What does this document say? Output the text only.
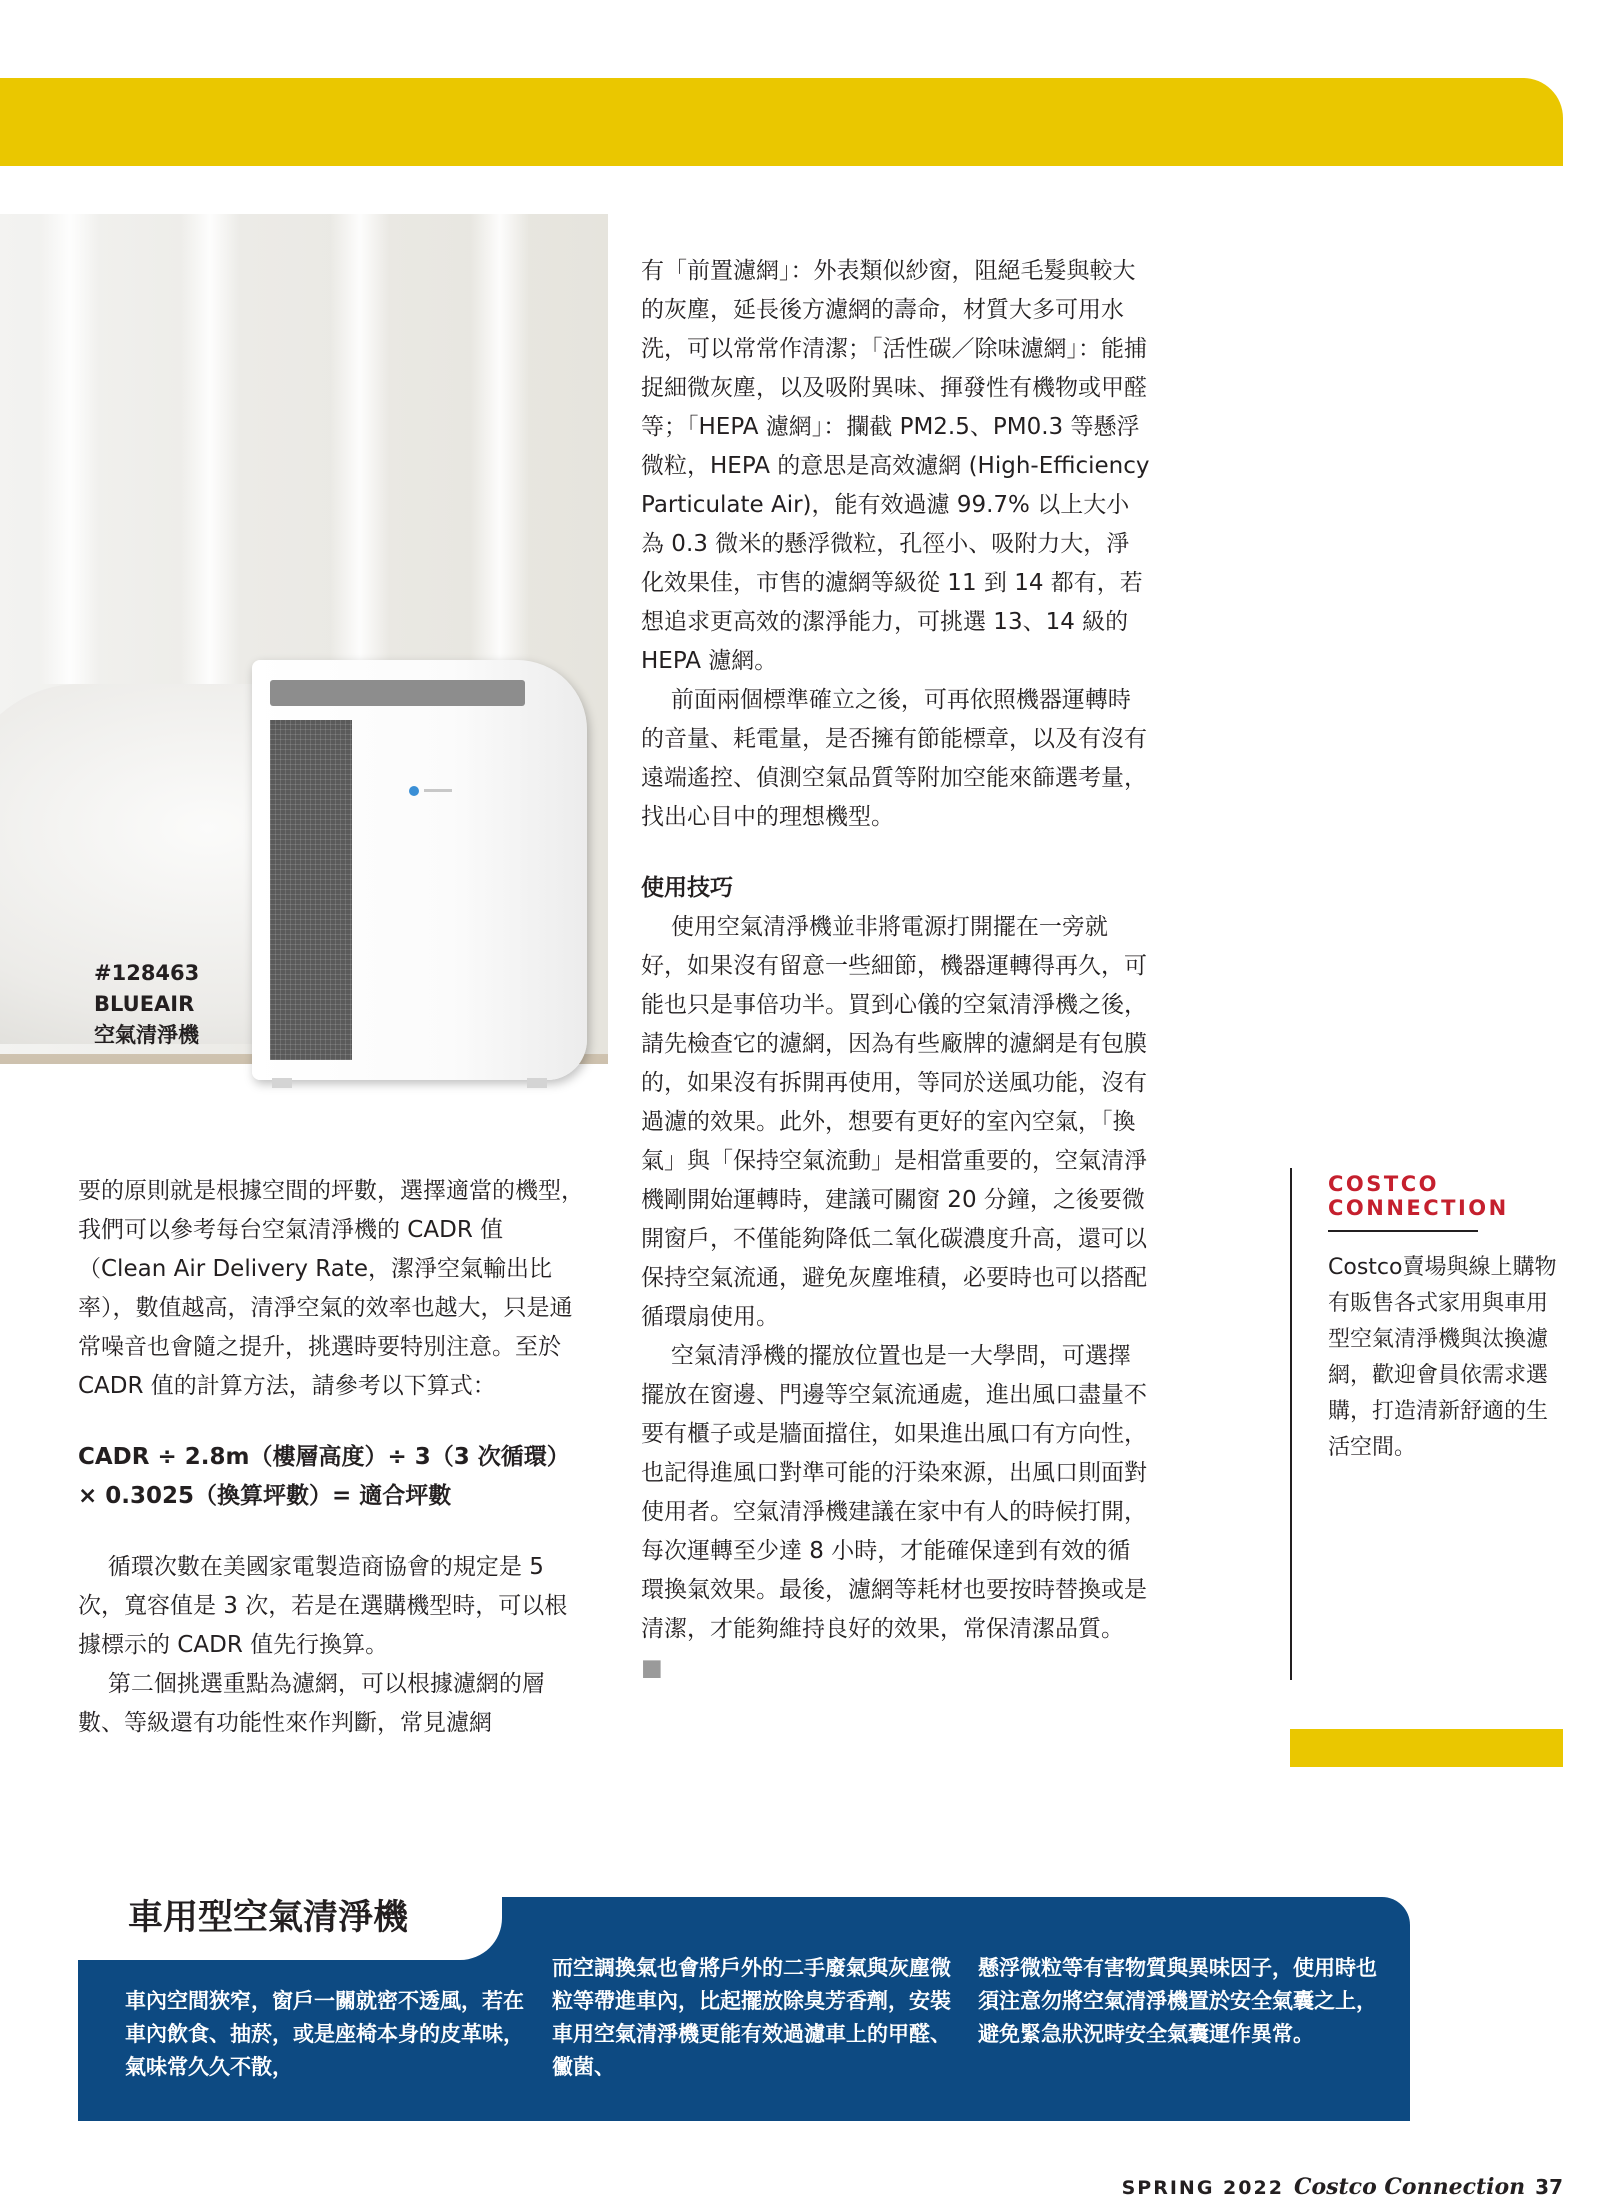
#128463
BLUEAIR
空氣清淨機

要的原則就是根據空間的坪數，選擇適當的機型，我們可以參考每台空氣清淨機的 CADR 值（Clean Air Delivery Rate，潔淨空氣輸出比率），數值越高，清淨空氣的效率也越大，只是通常噪音也會隨之提升，挑選時要特別注意。至於 CADR 值的計算方法，請參考以下算式：

CADR ÷ 2.8m（樓層高度）÷ 3（3 次循環）

× 0.3025（換算坪數）= 適合坪數

循環次數在美國家電製造商協會的規定是 5 次，寬容值是 3 次，若是在選購機型時，可以根據標示的 CADR 值先行換算。

第二個挑選重點為濾網，可以根據濾網的層數、等級還有功能性來作判斷，常見濾網

有「前置濾網」：外表類似紗窗，阻絕毛髮與較大的灰塵，延長後方濾網的壽命，材質大多可用水洗，可以常常作清潔；「活性碳／除味濾網」：能捕捉細微灰塵，以及吸附異味、揮發性有機物或甲醛等；「HEPA 濾網」：攔截 PM2.5、PM0.3 等懸浮微粒，HEPA 的意思是高效濾網 (High-Efficiency Particulate Air)，能有效過濾 99.7% 以上大小為 0.3 微米的懸浮微粒，孔徑小、吸附力大，淨化效果佳，市售的濾網等級從 11 到 14 都有，若想追求更高效的潔淨能力，可挑選 13、14 級的 HEPA 濾網。

前面兩個標準確立之後，可再依照機器運轉時的音量、耗電量，是否擁有節能標章，以及有沒有遠端遙控、偵測空氣品質等附加空能來篩選考量，找出心目中的理想機型。

使用技巧

使用空氣清淨機並非將電源打開擺在一旁就好，如果沒有留意一些細節，機器運轉得再久，可能也只是事倍功半。買到心儀的空氣清淨機之後，請先檢查它的濾網，因為有些廠牌的濾網是有包膜的，如果沒有拆開再使用，等同於送風功能，沒有過濾的效果。此外，想要有更好的室內空氣，「換氣」與「保持空氣流動」是相當重要的，空氣清淨機剛開始運轉時，建議可關窗 20 分鐘，之後要微開窗戶，不僅能夠降低二氧化碳濃度升高，還可以保持空氣流通，避免灰塵堆積，必要時也可以搭配循環扇使用。

空氣清淨機的擺放位置也是一大學問，可選擇擺放在窗邊、門邊等空氣流通處，進出風口盡量不要有櫃子或是牆面擋住，如果進出風口有方向性，也記得進風口對準可能的汙染來源，出風口則面對使用者。空氣清淨機建議在家中有人的時候打開，每次運轉至少達 8 小時，才能確保達到有效的循環換氣效果。最後，濾網等耗材也要按時替換或是清潔，才能夠維持良好的效果，常保清潔品質。 ■

COSTCO
CONNECTION
Costco賣場與線上購物有販售各式家用與車用型空氣清淨機與汰換濾網，歡迎會員依需求選購，打造清新舒適的生活空間。
車用型空氣清淨機
車內空間狹窄，窗戶一關就密不透風，若在車內飲食、抽菸，或是座椅本身的皮革味，氣味常久久不散，
而空調換氣也會將戶外的二手廢氣與灰塵微粒等帶進車內，比起擺放除臭芳香劑，安裝車用空氣清淨機更能有效過濾車上的甲醛、黴菌、
懸浮微粒等有害物質與異味因子，使用時也須注意勿將空氣清淨機置於安全氣囊之上，避免緊急狀況時安全氣囊運作異常。
SPRING 2022 Costco Connection 37
